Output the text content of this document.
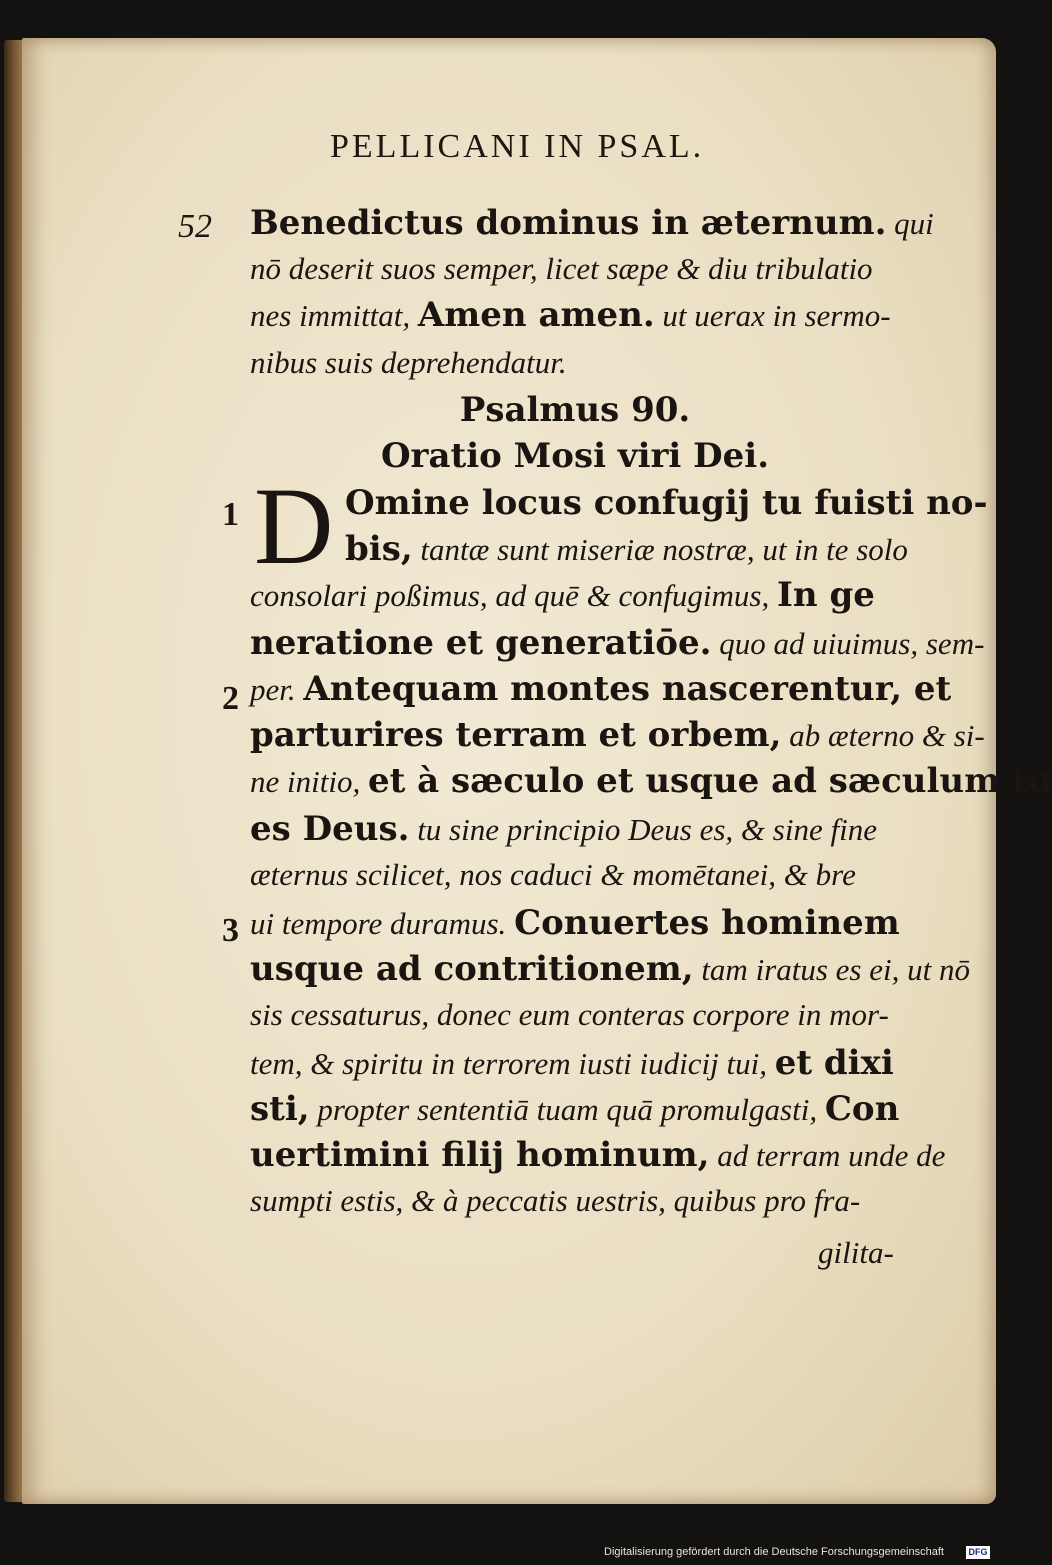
PELLICANI IN PSAL.
52
1
2
3
Psalmus 90.
Oratio Mosi viri Dei.
D
Benedictus dominus in æternum. qui
nō deserit suos semper, licet sæpe & diu tribulatio
nes immittat, Amen amen. ut uerax in sermo-
nibus suis deprehendatur.
Omine locus confugij tu fuisti no-
bis, tantæ sunt miseriæ nostræ, ut in te solo
consolari poßimus, ad quē & confugimus, In ge
neratione et generatiōe. quo ad uiuimus, sem-
per. Antequam montes nascerentur, et
parturires terram et orbem, ab æterno & si-
ne initio, et à sæculo et usque ad sæculum tu
es Deus. tu sine principio Deus es, & sine fine
æternus scilicet, nos caduci & momētanei, & bre
ui tempore duramus. Conuertes hominem
usque ad contritionem, tam iratus es ei, ut nō
sis cessaturus, donec eum conteras corpore in mor-
tem, & spiritu in terrorem iusti iudicij tui, et dixi
sti, propter sententiā tuam quā promulgasti, Con
uertimini filij hominum, ad terram unde de
sumpti estis, & à peccatis uestris, quibus pro fra-
gilita-
Digitalisierung gefördert durch die Deutsche Forschungsgemeinschaft	DFG
